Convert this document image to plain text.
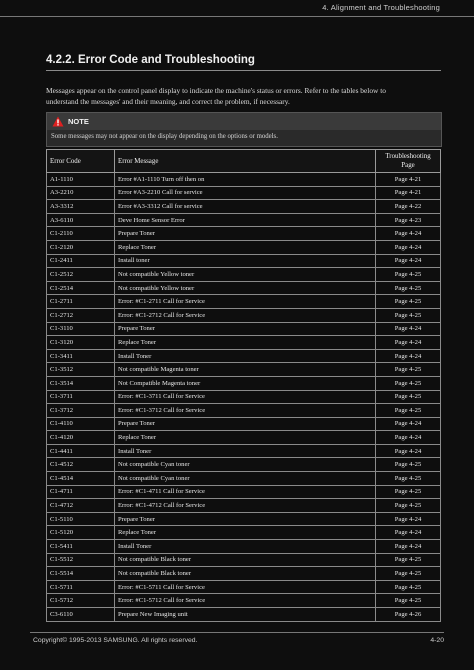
4. Alignment and Troubleshooting
4.2.2. Error Code and Troubleshooting
Messages appear on the control panel display to indicate the machine's status or errors. Refer to the tables below to
understand the messages' and their meaning, and correct the problem, if necessary.
NOTE
Some messages may not appear on the display depending on the options or models.
Error Code	Error Message	Troubleshooting
Page

A1-1110	Error #A1-1110 Turn off then on	Page 4-21
A3-2210	Error #A3-2210 Call for service	Page 4-21
A3-3312	Error #A3-3312 Call for service	Page 4-22
A3-6110	Deve Home Sensor Error	Page 4-23
C1-2110	Prepare Toner	Page 4-24
C1-2120	Replace Toner	Page 4-24
C1-2411	Install toner	Page 4-24
C1-2512	Not compatible Yellow toner	Page 4-25
C1-2514	Not compatible Yellow toner	Page 4-25
C1-2711	Error: #C1-2711 Call for Service	Page 4-25
C1-2712	Error: #C1-2712 Call for Service	Page 4-25
C1-3110	Prepare Toner	Page 4-24
C1-3120	Replace Toner	Page 4-24
C1-3411	Install Toner	Page 4-24
C1-3512	Not compatible Magenta toner	Page 4-25
C1-3514	Not Compatible Magenta toner	Page 4-25
C1-3711	Error: #C1-3711 Call for Service	Page 4-25
C1-3712	Error: #C1-3712 Call for Service	Page 4-25
C1-4110	Prepare Toner	Page 4-24
C1-4120	Replace Toner	Page 4-24
C1-4411	Install Toner	Page 4-24
C1-4512	Not compatible Cyan toner	Page 4-25
C1-4514	Not compatible Cyan toner	Page 4-25
C1-4711	Error: #C1-4711 Call for Service	Page 4-25
C1-4712	Error: #C1-4712 Call for Service	Page 4-25
C1-5110	Prepare Toner	Page 4-24
C1-5120	Replace Toner	Page 4-24
C1-5411	Install Toner	Page 4-24
C1-5512	Not compatible Black toner	Page 4-25
C1-5514	Not compatible Black toner	Page 4-25
C1-5711	Error: #C1-5711 Call for Service	Page 4-25
C1-5712	Error: #C1-5712 Call for Service	Page 4-25
C3-6110	Prepare New Imaging unit	Page 4-26
Copyright© 1995-2013 SAMSUNG. All rights reserved.	4-20
